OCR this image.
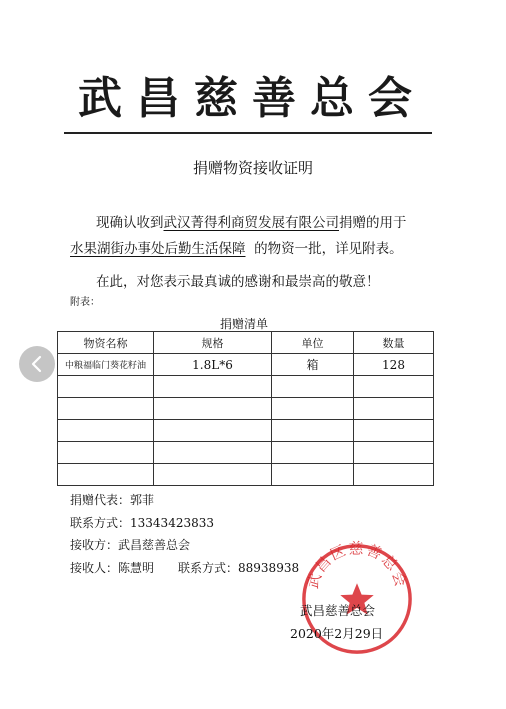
武昌慈善总会
捐赠物资接收证明
现确认收到武汉菁得利商贸发展有限公司捐赠的用于
水果湖街办事处后勤生活保障 的物资一批，详见附表。
在此，对您表示最真诚的感谢和最崇高的敬意！
附表：
捐赠清单
物资名称	规格	单位	数量
中粮福临门葵花籽油	1.8L*6	箱	128

捐赠代表：郭菲
联系方式：13343423833
接收方：武昌慈善总会
接收人：陈慧明 联系方式：88938938
武昌区慈善总会
武昌慈善总会
2020年2月29日
